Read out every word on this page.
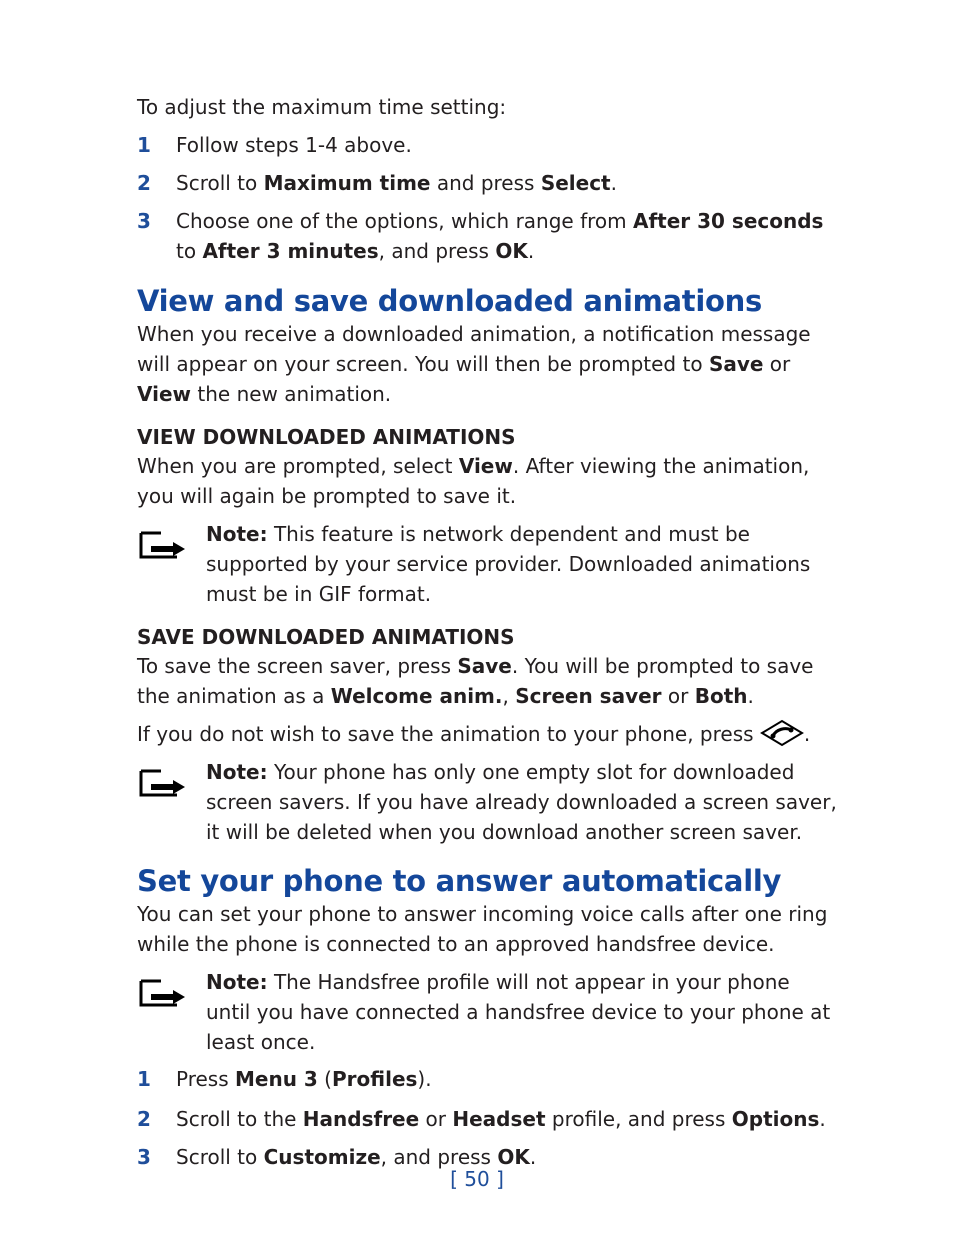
To adjust the maximum time setting:

1 Follow steps 1-4 above.
2 Scroll to Maximum time and press Select.
3 Choose one of the options, which range from After 30 seconds to After 3 minutes, and press OK.
View and save downloaded animations

When you receive a downloaded animation, a notification message will appear on your screen. You will then be prompted to Save or View the new animation.

VIEW DOWNLOADED ANIMATIONS

When you are prompted, select View. After viewing the animation, you will again be prompted to save it.

Note: This feature is network dependent and must be supported by your service provider. Downloaded animations must be in GIF format.

SAVE DOWNLOADED ANIMATIONS

To save the screen saver, press Save. You will be prompted to save the animation as a Welcome anim., Screen saver or Both.

If you do not wish to save the animation to your phone, press .

Note: Your phone has only one empty slot for downloaded screen savers. If you have already downloaded a screen saver, it will be deleted when you download another screen saver.

Set your phone to answer automatically

You can set your phone to answer incoming voice calls after one ring while the phone is connected to an approved handsfree device.

Note: The Handsfree profile will not appear in your phone until you have connected a handsfree device to your phone at least once.

1 Press Menu 3 (Profiles).
2 Scroll to the Handsfree or Headset profile, and press Options.
3 Scroll to Customize, and press OK.
[ 50 ]
